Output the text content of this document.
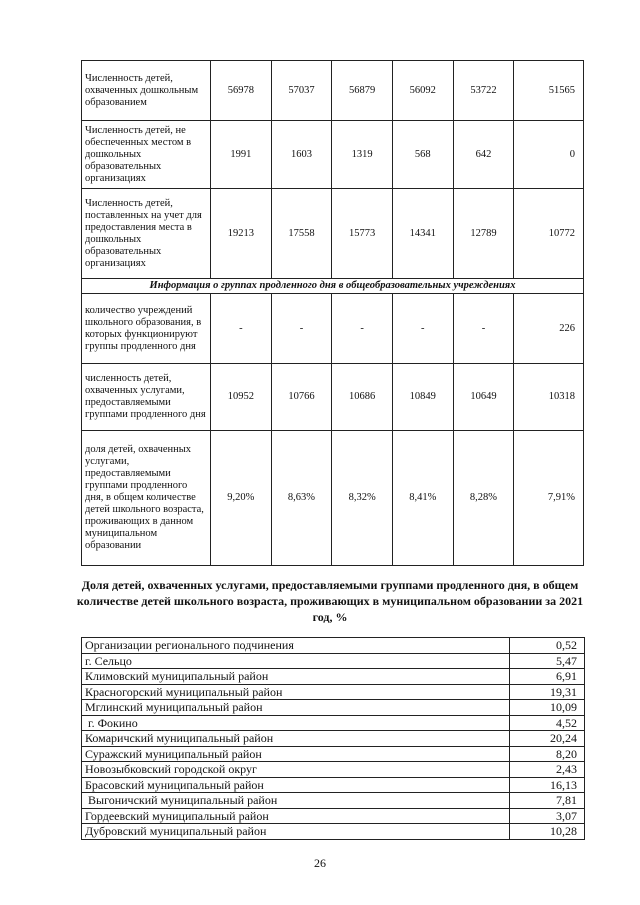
Численность детей, охваченных дошкольным образованием	56978	57037	56879	56092	53722	51565
Численность детей, не обеспеченных местом в дошкольных образовательных организациях	1991	1603	1319	568	642	0
Численность детей, поставленных на учет для предоставления места в дошкольных образовательных организациях	19213	17558	15773	14341	12789	10772
Информация о группах продленного дня в общеобразовательных учреждениях						
количество учреждений школьного образования, в которых функционируют группы продленного дня	-	-	-	-	-	226
численность детей, охваченных услугами, предоставляемыми группами продленного дня	10952	10766	10686	10849	10649	10318
доля детей, охваченных услугами, предоставляемыми группами продленного дня, в общем количестве детей школьного возраста, проживающих в данном муниципальном образовании	9,20%	8,63%	8,32%	8,41%	8,28%	7,91%
Доля детей, охваченных услугами, предоставляемыми группами продленного дня, в общем количестве детей школьного возраста, проживающих в муниципальном образовании за 2021 год, %
Организации регионального подчинения	0,52
г. Сельцо	5,47
Климовский муниципальный район	6,91
Красногорский муниципальный район	19,31
Мглинский муниципальный район	10,09
г. Фокино	4,52
Комаричский муниципальный район	20,24
Суражский муниципальный район	8,20
Новозыбковский городской округ	2,43
Брасовский муниципальный район	16,13
Выгоничский муниципальный район	7,81
Гордеевский муниципальный район	3,07
Дубровский муниципальный район	10,28
26
